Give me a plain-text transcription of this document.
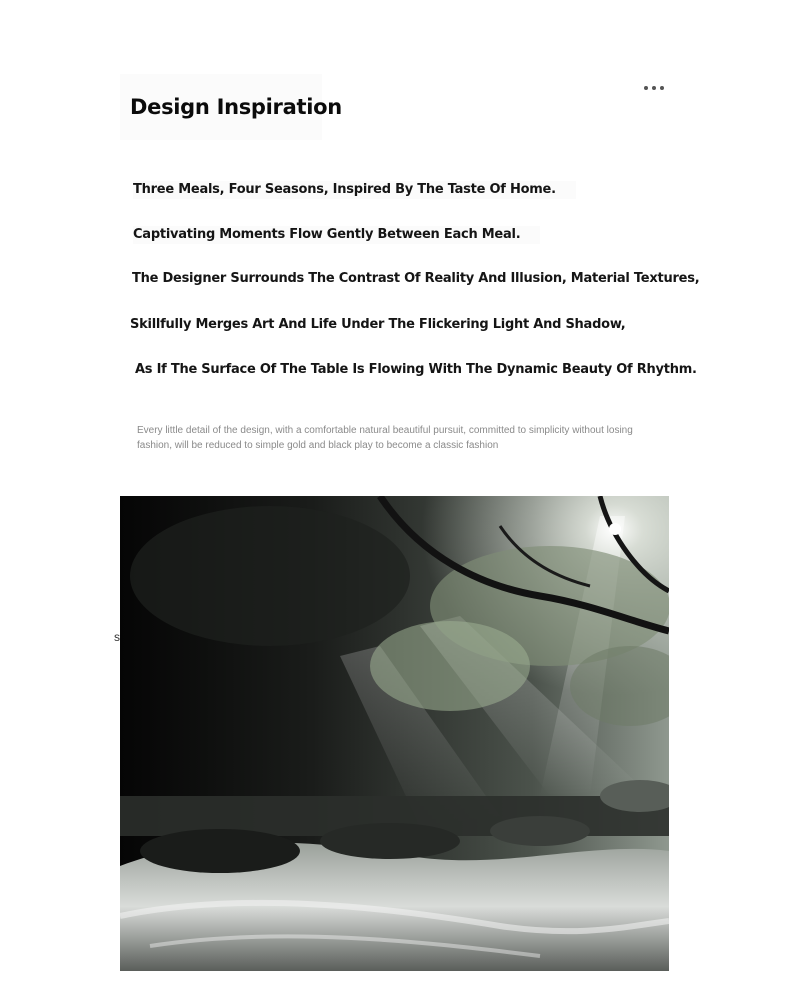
Design Inspiration

Three Meals, Four Seasons, Inspired By The Taste Of Home.

Captivating Moments Flow Gently Between Each Meal.

The Designer Surrounds The Contrast Of Reality And Illusion, Material Textures,

Skillfully Merges Art And Life Under The Flickering Light And Shadow,

As If The Surface Of The Table Is Flowing With The Dynamic Beauty Of Rhythm.

Every little detail of the design, with a comfortable natural beautiful pursuit, committed to simplicity without losing fashion, will be reduced to simple gold and black play to become a classic fashion

s
